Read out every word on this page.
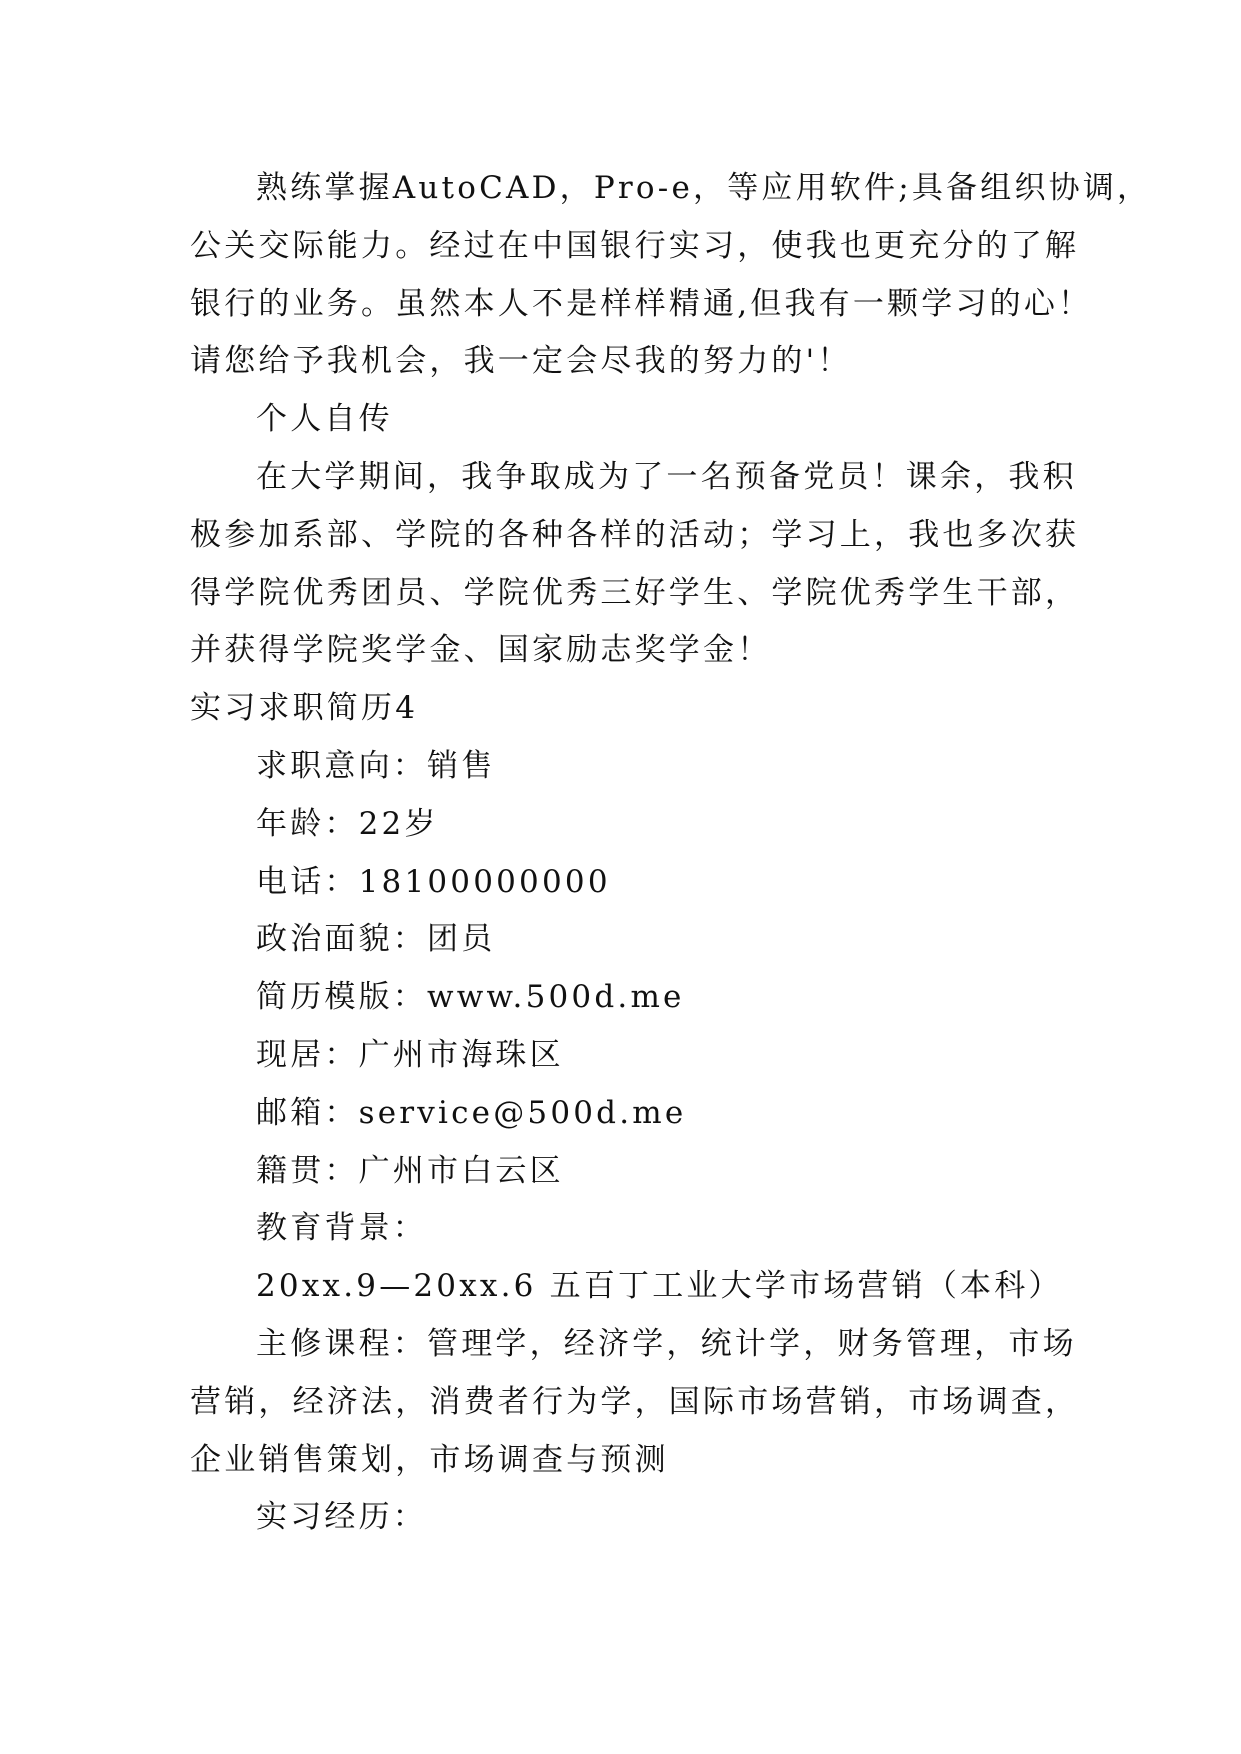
熟练掌握AutoCAD，Pro-e，等应用软件;具备组织协调，
公关交际能力。经过在中国银行实习，使我也更充分的了解
银行的业务。虽然本人不是样样精通,但我有一颗学习的心！
请您给予我机会，我一定会尽我的努力的'！
个人自传
在大学期间，我争取成为了一名预备党员！课余，我积
极参加系部、学院的各种各样的活动；学习上，我也多次获
得学院优秀团员、学院优秀三好学生、学院优秀学生干部，
并获得学院奖学金、国家励志奖学金！
实习求职简历4
求职意向：销售
年龄：22岁
电话：18100000000
政治面貌：团员
简历模版：www.500d.me
现居：广州市海珠区
邮箱：service@500d.me
籍贯：广州市白云区
教育背景：
20xx.9—20xx.6 五百丁工业大学市场营销（本科）
主修课程：管理学，经济学，统计学，财务管理，市场
营销，经济法，消费者行为学，国际市场营销，市场调查，
企业销售策划，市场调查与预测
实习经历：
